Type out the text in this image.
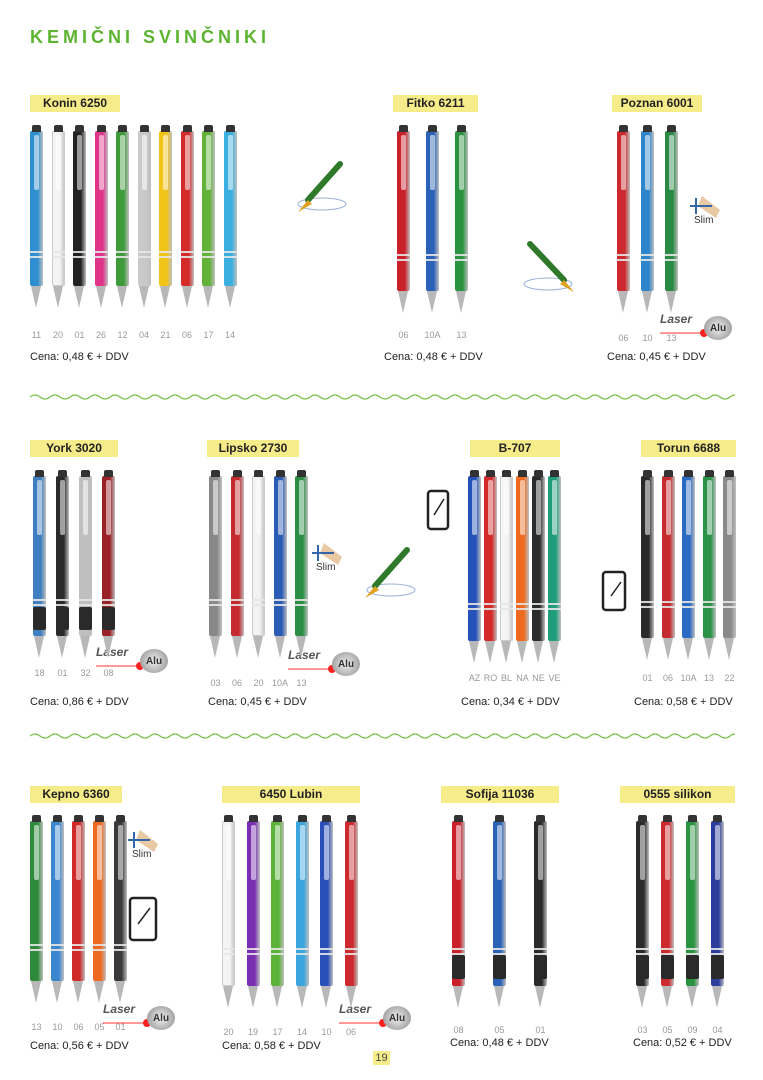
KEMIČNI SVINČNIKI
Slim
Slim
Slim
Laser
Alu
Laser
Alu	Laser
Alu
Laser
Alu
Laser
Alu
19
Konin 6250
11	20	01	26	12	04	21	06	17	14
Cena: 0,48 € + DDV
Fitko 6211
06	10A	13
Cena: 0,48 € + DDV
Poznan 6001
06	10	13
Cena: 0,45 € + DDV
York 3020
18	01	32	08
Cena: 0,86 € + DDV
Lipsko 2730
03	06	20 10A 13
Cena: 0,45 € + DDV
B-707
AZ RO BL NA NE VE
Cena: 0,34 € + DDV
Torun 6688
01	06 10A 13	22
Cena: 0,58 € + DDV
Kepno 6360
13	10	06	05	01
Cena: 0,56 € + DDV
6450 Lubin
20	19	17	14	10	06
Cena: 0,58 € + DDV
Sofija 11036
08	05	01
Cena: 0,48 € + DDV
0555 silikon
03	05	09	04
Cena: 0,52 € + DDV
